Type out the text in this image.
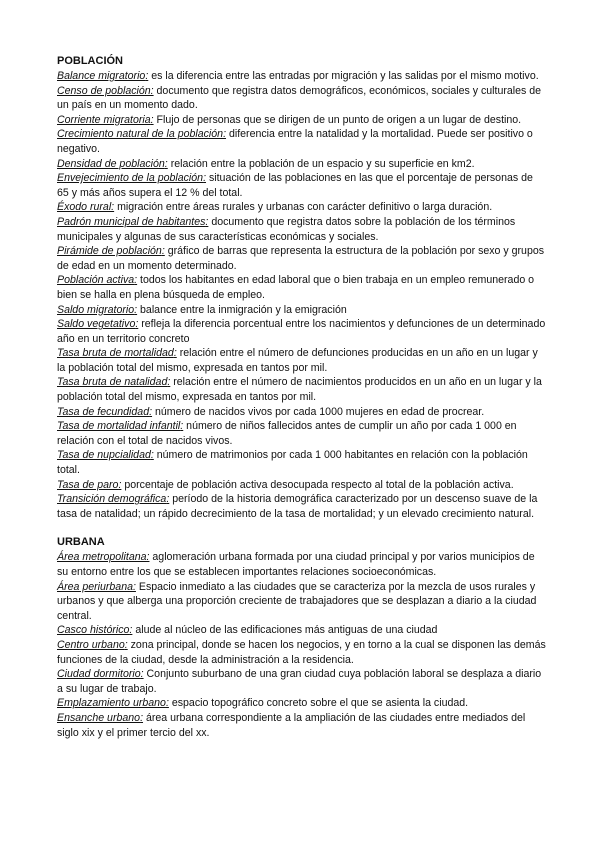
POBLACIÓN

Balance migratorio: es la diferencia entre las entradas por migración y las salidas por el mismo motivo.

Censo de población: documento que registra datos demográficos, económicos, sociales y culturales de un país en un momento dado.

Corriente migratoria: Flujo de personas que se dirigen de un punto de origen a un lugar de destino.

Crecimiento natural de la población: diferencia entre la natalidad y la mortalidad. Puede ser positivo o negativo.

Densidad de población: relación entre la población de un espacio y su superficie en km2.

Envejecimiento de la población: situación de las poblaciones en las que el porcentaje de personas de 65 y más años supera el 12 % del total.

Éxodo rural: migración entre áreas rurales y urbanas con carácter definitivo o larga duración.

Padrón municipal de habitantes: documento que registra datos sobre la población de los términos municipales y algunas de sus características económicas y sociales.

Pirámide de población: gráfico de barras que representa la estructura de la población por sexo y grupos de edad en un momento determinado.

Población activa: todos los habitantes en edad laboral que o bien trabaja en un empleo remunerado o bien se halla en plena búsqueda de empleo.

Saldo migratorio: balance entre la inmigración y la emigración

Saldo vegetativo: refleja la diferencia porcentual entre los nacimientos y defunciones de un determinado año en un territorio concreto

Tasa bruta de mortalidad: relación entre el número de defunciones producidas en un año en un lugar y la población total del mismo, expresada en tantos por mil.

Tasa bruta de natalidad: relación entre el número de nacimientos producidos en un año en un lugar y la población total del mismo, expresada en tantos por mil.

Tasa de fecundidad: número de nacidos vivos por cada 1000 mujeres en edad de procrear.

Tasa de mortalidad infantil: número de niños fallecidos antes de cumplir un año por cada 1 000 en relación con el total de nacidos vivos.

Tasa de nupcialidad: número de matrimonios por cada 1 000 habitantes en relación con la población total.

Tasa de paro: porcentaje de población activa desocupada respecto al total de la población activa.

Transición demográfica: período de la historia demográfica caracterizado por un descenso suave de la tasa de natalidad; un rápido decrecimiento de la tasa de mortalidad; y un elevado crecimiento natural.

URBANA

Área metropolitana: aglomeración urbana formada por una ciudad principal y por varios municipios de su entorno entre los que se establecen importantes relaciones socioeconómicas.

Área periurbana: Espacio inmediato a las ciudades que se caracteriza por la mezcla de usos rurales y urbanos y que alberga una proporción creciente de trabajadores que se desplazan a diario a la ciudad central.

Casco histórico: alude al núcleo de las edificaciones más antiguas de una ciudad

Centro urbano: zona principal, donde se hacen los negocios, y en torno a la cual se disponen las demás funciones de la ciudad, desde la administración a la residencia.

Ciudad dormitorio: Conjunto suburbano de una gran ciudad cuya población laboral se desplaza a diario a su lugar de trabajo.

Emplazamiento urbano: espacio topográfico concreto sobre el que se asienta la ciudad.

Ensanche urbano: área urbana correspondiente a la ampliación de las ciudades entre mediados del siglo xix y el primer tercio del xx.
